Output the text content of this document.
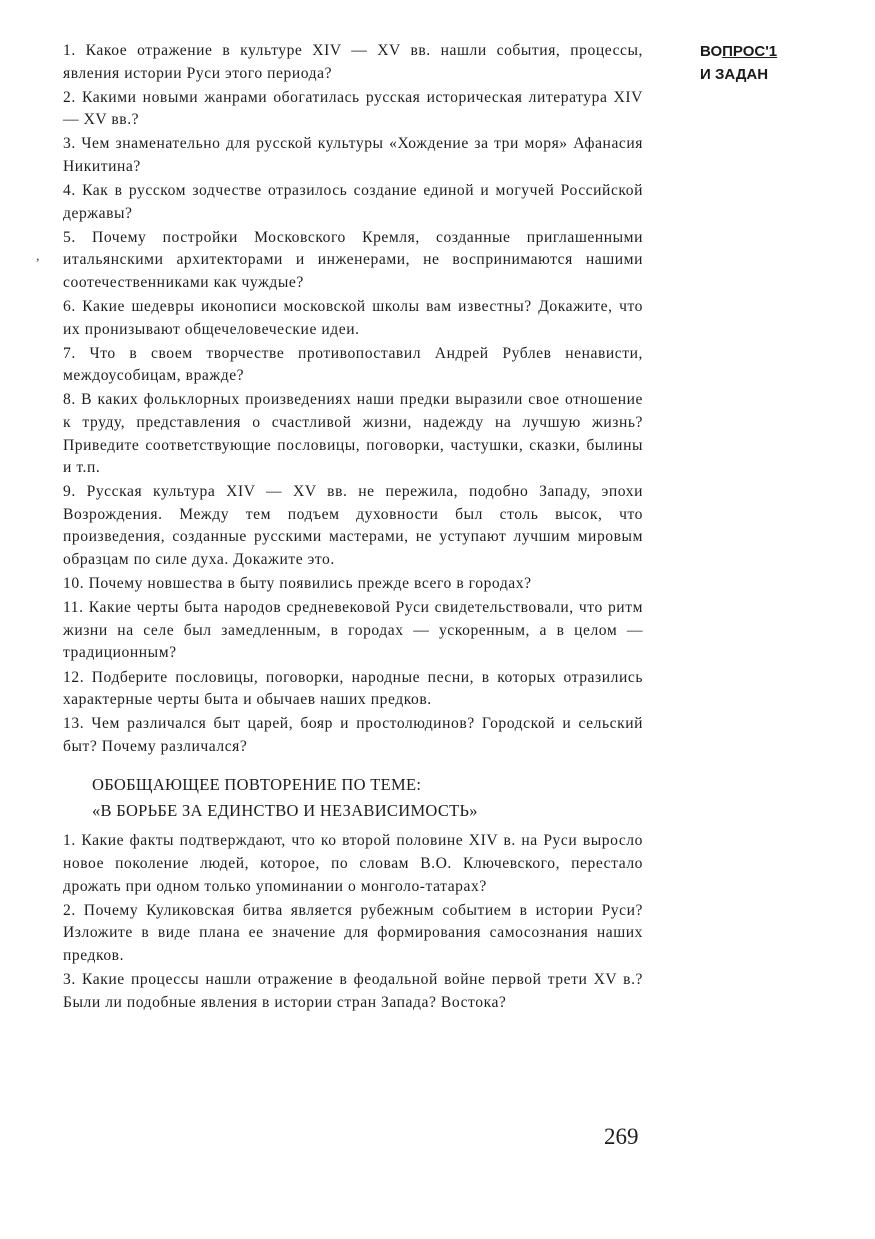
ВОПРОС'1
И ЗАДАН
,

1. Какое отражение в культуре XIV — XV вв. нашли события, процессы, явления истории Руси этого периода?

2. Какими новыми жанрами обогатилась русская историческая литература XIV — XV вв.?

3. Чем знаменательно для русской культуры «Хождение за три моря» Афанасия Никитина?

4. Как в русском зодчестве отразилось создание единой и могучей Российской державы?

5. Почему постройки Московского Кремля, созданные приглашенными итальянскими архитекторами и инженерами, не воспринимаются нашими соотечественниками как чуждые?

6. Какие шедевры иконописи московской школы вам известны? Докажите, что их пронизывают общечеловеческие идеи.

7. Что в своем творчестве противопоставил Андрей Рублев ненависти, междоусобицам, вражде?

8. В каких фольклорных произведениях наши предки выразили свое отношение к труду, представления о счастливой жизни, надежду на лучшую жизнь? Приведите соответствующие пословицы, поговорки, частушки, сказки, былины и т.п.

9. Русская культура XIV — XV вв. не пережила, подобно Западу, эпохи Возрождения. Между тем подъем духовности был столь высок, что произведения, созданные русскими мастерами, не уступают лучшим мировым образцам по силе духа. Докажите это.

10. Почему новшества в быту появились прежде всего в городах?

11. Какие черты быта народов средневековой Руси свидетельствовали, что ритм жизни на селе был замедленным, в городах — ускоренным, а в целом — традиционным?

12. Подберите пословицы, поговорки, народные песни, в которых отразились характерные черты быта и обычаев наших предков.

13. Чем различался быт царей, бояр и простолюдинов? Городской и сельский быт? Почему различался?

ОБОБЩАЮЩЕЕ ПОВТОРЕНИЕ ПО ТЕМЕ:
«В БОРЬБЕ ЗА ЕДИНСТВО И НЕЗАВИСИМОСТЬ»

1. Какие факты подтверждают, что ко второй половине XIV в. на Руси выросло новое поколение людей, которое, по словам В.О. Ключевского, перестало дрожать при одном только упоминании о монголо-татарах?

2. Почему Куликовская битва является рубежным событием в истории Руси? Изложите в виде плана ее значение для формирования самосознания наших предков.

3. Какие процессы нашли отражение в феодальной войне первой трети XV в.? Были ли подобные явления в истории стран Запада? Востока?

269
